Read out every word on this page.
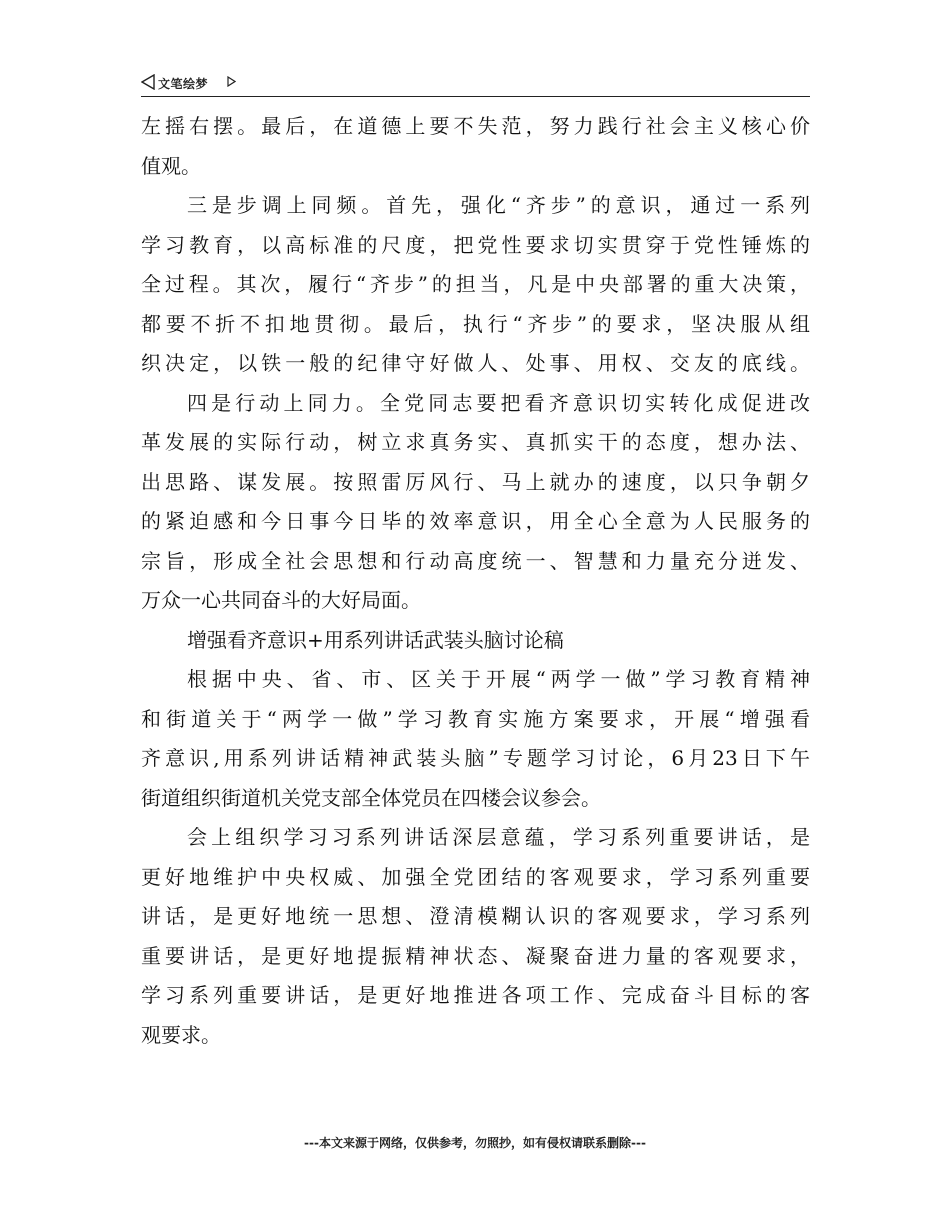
文笔绘梦
左摇右摆。最后，在道德上要不失范，努力践行社会主义核心价
值观。
三是步调上同频。首先，强化“齐步”的意识，通过一系列
学习教育，以高标准的尺度，把党性要求切实贯穿于党性锤炼的
全过程。其次，履行“齐步”的担当，凡是中央部署的重大决策，
都要不折不扣地贯彻。最后，执行“齐步”的要求，坚决服从组
织决定，以铁一般的纪律守好做人、处事、用权、交友的底线。
四是行动上同力。全党同志要把看齐意识切实转化成促进改
革发展的实际行动，树立求真务实、真抓实干的态度，想办法、
出思路、谋发展。按照雷厉风行、马上就办的速度，以只争朝夕
的紧迫感和今日事今日毕的效率意识，用全心全意为人民服务的
宗旨，形成全社会思想和行动高度统一、智慧和力量充分迸发、
万众一心共同奋斗的大好局面。
增强看齐意识+用系列讲话武装头脑讨论稿
根据中央、省、市、区关于开展“两学一做”学习教育精神
和街道关于“两学一做”学习教育实施方案要求，开展“增强看
齐意识,用系列讲话精神武装头脑”专题学习讨论，6月23日下午
街道组织街道机关党支部全体党员在四楼会议参会。
会上组织学习习系列讲话深层意蕴，学习系列重要讲话，是
更好地维护中央权威、加强全党团结的客观要求，学习系列重要
讲话，是更好地统一思想、澄清模糊认识的客观要求，学习系列
重要讲话，是更好地提振精神状态、凝聚奋进力量的客观要求，
学习系列重要讲话，是更好地推进各项工作、完成奋斗目标的客
观要求。
---本文来源于网络，仅供参考，勿照抄，如有侵权请联系删除---
